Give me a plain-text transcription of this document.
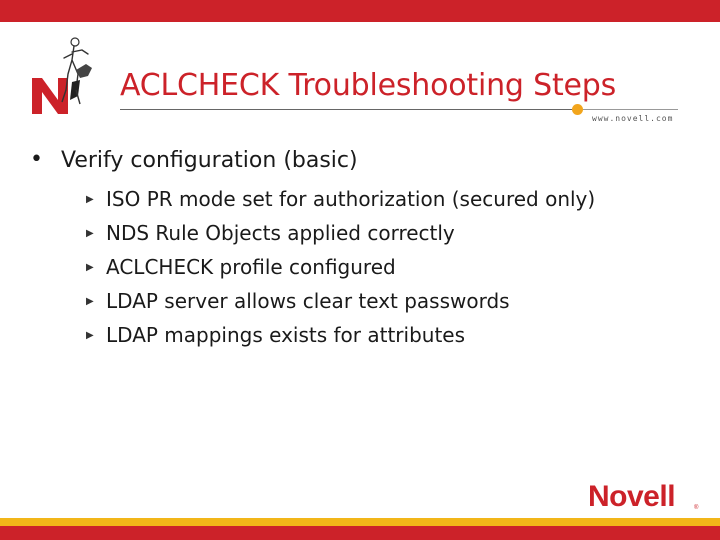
ACLCHECK Troubleshooting Steps
www.novell.com
• Verify configuration (basic)
▶ ISO PR mode set for authorization (secured only)
▶ NDS Rule Objects applied correctly
▶ ACLCHECK profile configured
▶ LDAP server allows clear text passwords
▶ LDAP mappings exists for attributes
Novell	®
